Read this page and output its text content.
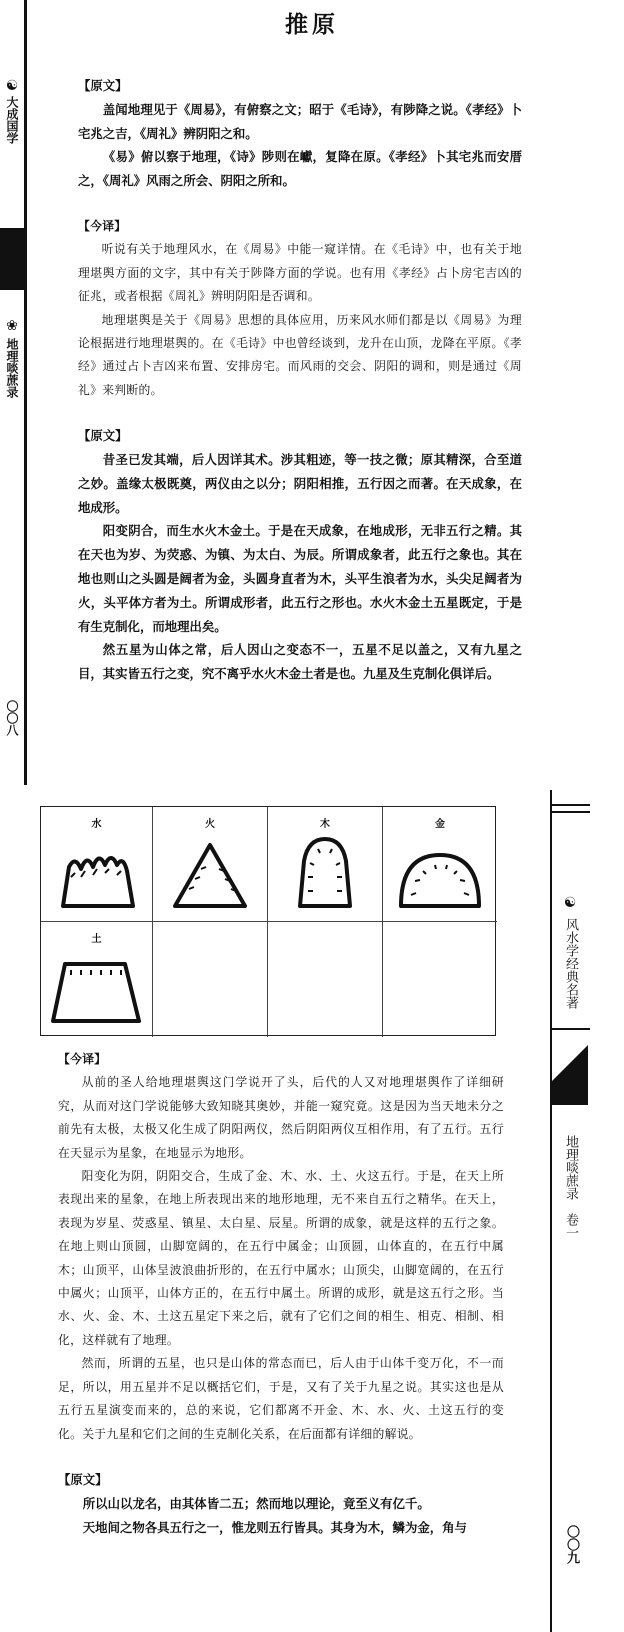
☯
大成国学
❀
地理啖蔗录
〇〇八
推原

【原文】

盖闻地理见于《周易》，有俯察之文；昭于《毛诗》，有陟降之说。《孝经》卜宅兆之吉，《周礼》辨阴阳之和。

《易》俯以察于地理，《诗》陟则在巘，复降在原。《孝经》卜其宅兆而安厝之，《周礼》风雨之所会、阴阳之所和。

【今译】

听说有关于地理风水，在《周易》中能一窥详情。在《毛诗》中，也有关于地理堪舆方面的文字，其中有关于陟降方面的学说。也有用《孝经》占卜房宅吉凶的征兆，或者根据《周礼》辨明阴阳是否调和。

地理堪舆是关于《周易》思想的具体应用，历来风水师们都是以《周易》为理论根据进行地理堪舆的。在《毛诗》中也曾经谈到，龙升在山顶，龙降在平原。《孝经》通过占卜吉凶来布置、安排房宅。而风雨的交会、阴阳的调和，则是通过《周礼》来判断的。

【原文】

昔圣已发其端，后人因详其术。涉其粗迹，等一技之微；原其精深，合至道之妙。盖缘太极既奠，两仪由之以分；阴阳相推，五行因之而著。在天成象，在地成形。

阳变阴合，而生水火木金土。于是在天成象，在地成形，无非五行之精。其在天也为岁、为荧惑、为镇、为太白、为辰。所谓成象者，此五行之象也。其在地也则山之头圆是阔者为金，头圆身直者为木，头平生浪者为水，头尖足阔者为火，头平体方者为土。所谓成形者，此五行之形也。水火木金土五星既定，于是有生克制化，而地理出矣。

然五星为山体之常，后人因山之变态不一，五星不足以盖之，又有九星之目，其实皆五行之变，究不离乎水火木金土者是也。九星及生克制化俱详后。

☯
风水学经典名著
地理啖蔗录　卷一
〇〇九
水	火	木	金
土

【今译】

从前的圣人给地理堪舆这门学说开了头，后代的人又对地理堪舆作了详细研究，从而对这门学说能够大致知晓其奥妙，并能一窥究竟。这是因为当天地未分之前先有太极，太极又化生成了阴阳两仪，然后阴阳两仪互相作用，有了五行。五行在天显示为星象，在地显示为地形。

阳变化为阴，阴阳交合，生成了金、木、水、土、火这五行。于是，在天上所表现出来的星象，在地上所表现出来的地形地理，无不来自五行之精华。在天上，表现为岁星、荧惑星、镇星、太白星、辰星。所谓的成象，就是这样的五行之象。在地上则山顶圆，山脚宽阔的，在五行中属金；山顶圆，山体直的，在五行中属木；山顶平，山体呈波浪曲折形的，在五行中属水；山顶尖，山脚宽阔的，在五行中属火；山顶平，山体方正的，在五行中属土。所谓的成形，就是这五行之形。当水、火、金、木、土这五星定下来之后，就有了它们之间的相生、相克、相制、相化，这样就有了地理。

然而，所谓的五星，也只是山体的常态而已，后人由于山体千变万化，不一而足，所以，用五星并不足以概括它们，于是，又有了关于九星之说。其实这也是从五行五星演变而来的，总的来说，它们都离不开金、木、水、火、土这五行的变化。关于九星和它们之间的生克制化关系，在后面都有详细的解说。

【原文】

所以山以龙名，由其体皆二五；然而地以理论，竟至义有亿千。

天地间之物各具五行之一，惟龙则五行皆具。其身为木，鳞为金，角与
